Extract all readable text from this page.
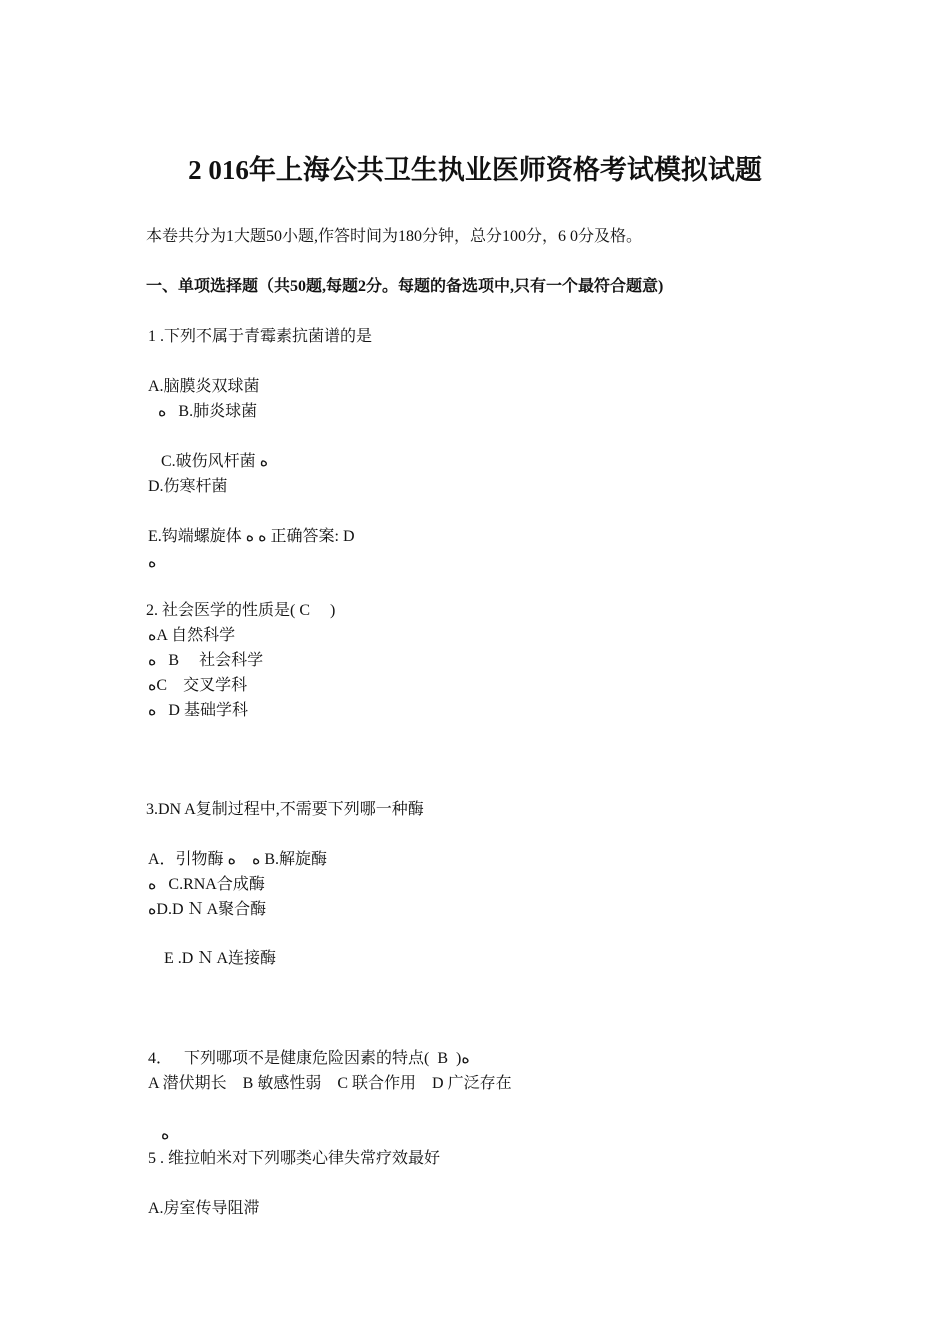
2 016年上海公共卫生执业医师资格考试模拟试题
本卷共分为1大题50小题,作答时间为180分钟，总分100分，6 0分及格。
一、单项选择题（共50题,每题2分。每题的备选项中,只有一个最符合题意)
1 .下列不属于青霉素抗菌谱的是
A.脑膜炎双球菌
ﻩ   B.肺炎球菌
C.破伤风杆菌 ﻩ
D.伤寒杆菌
E.钩端螺旋体 ﻩ ﻩ 正确答案: D
ﻩ
2. 社会医学的性质是( C     )
ﻩA 自然科学
ﻩ   B     社会科学
ﻩC    交叉学科
ﻩ   D 基础学科
3.DN A复制过程中,不需要下列哪一种酶
A．引物酶 ﻩ    ﻩ B.解旋酶
ﻩ   C.RNA合成酶
ﻩD.D Ｎ A聚合酶
E .D Ｎ A连接酶
4．   下列哪项不是健康危险因素的特点(  B  )ﻩ
A 潜伏期长    B 敏感性弱    C 联合作用    D 广泛存在
ﻩ
5 . 维拉帕米对下列哪类心律失常疗效最好
A.房室传导阻滞
